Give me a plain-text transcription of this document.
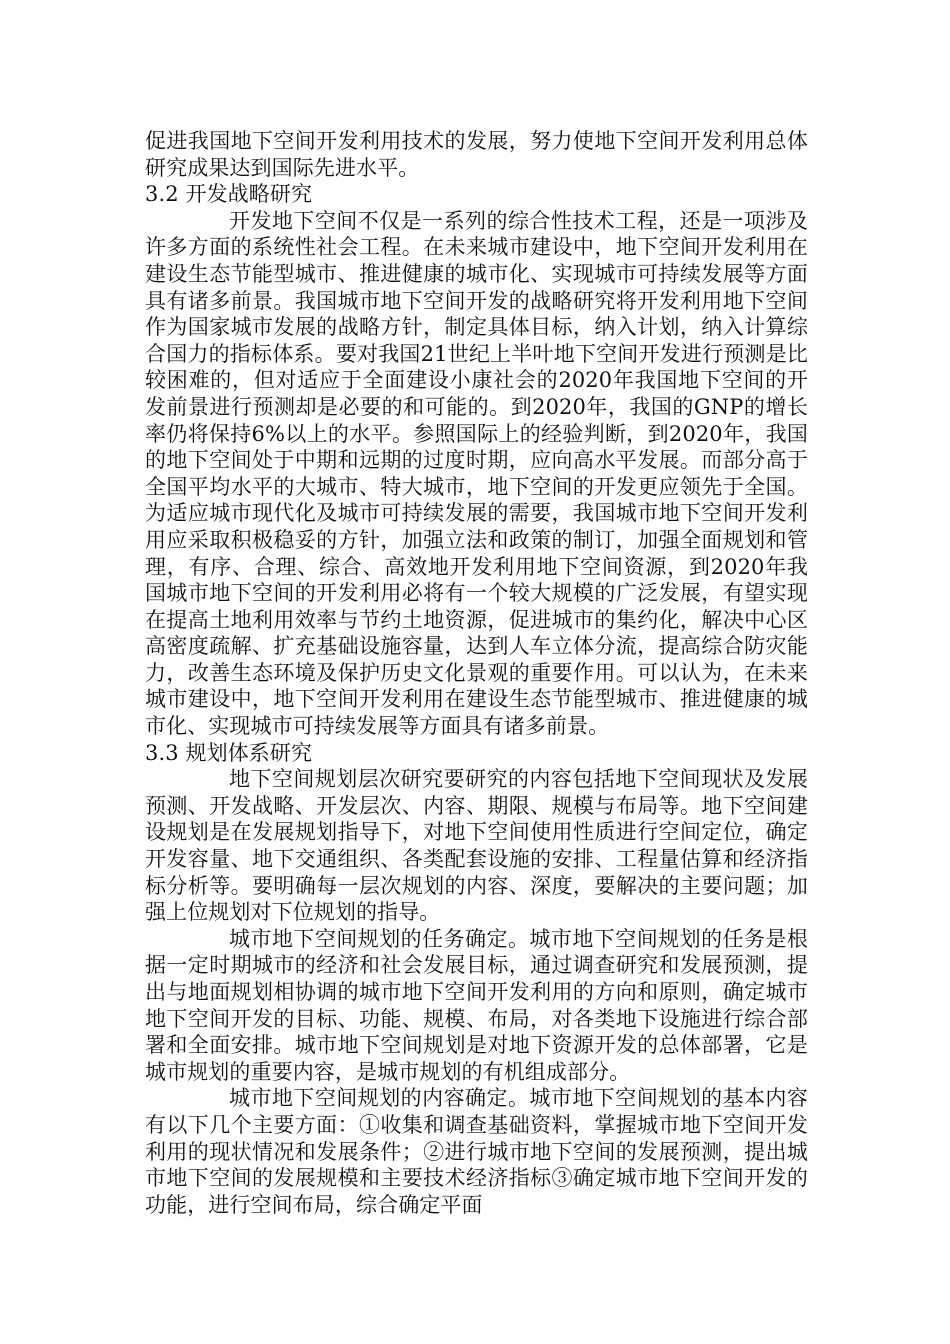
促进我国地下空间开发利用技术的发展，努力使地下空间开发利用总体研究成果达到国际先进水平。

3.2 开发战略研究

开发地下空间不仅是一系列的综合性技术工程，还是一项涉及许多方面的系统性社会工程。在未来城市建设中，地下空间开发利用在建设生态节能型城市、推进健康的城市化、实现城市可持续发展等方面具有诸多前景。我国城市地下空间开发的战略研究将开发利用地下空间作为国家城市发展的战略方针，制定具体目标，纳入计划，纳入计算综合国力的指标体系。要对我国21世纪上半叶地下空间开发进行预测是比较困难的，但对适应于全面建设小康社会的2020年我国地下空间的开发前景进行预测却是必要的和可能的。到2020年，我国的GNP的增长率仍将保持6%以上的水平。参照国际上的经验判断，到2020年，我国的地下空间处于中期和远期的过度时期，应向高水平发展。而部分高于全国平均水平的大城市、特大城市，地下空间的开发更应领先于全国。为适应城市现代化及城市可持续发展的需要，我国城市地下空间开发利用应采取积极稳妥的方针，加强立法和政策的制订，加强全面规划和管理，有序、合理、综合、高效地开发利用地下空间资源，到2020年我国城市地下空间的开发利用必将有一个较大规模的广泛发展，有望实现在提高土地利用效率与节约土地资源，促进城市的集约化，解决中心区高密度疏解、扩充基础设施容量，达到人车立体分流，提高综合防灾能力，改善生态环境及保护历史文化景观的重要作用。可以认为，在未来城市建设中，地下空间开发利用在建设生态节能型城市、推进健康的城市化、实现城市可持续发展等方面具有诸多前景。

3.3 规划体系研究

地下空间规划层次研究要研究的内容包括地下空间现状及发展预测、开发战略、开发层次、内容、期限、规模与布局等。地下空间建设规划是在发展规划指导下，对地下空间使用性质进行空间定位，确定开发容量、地下交通组织、各类配套设施的安排、工程量估算和经济指标分析等。要明确每一层次规划的内容、深度，要解决的主要问题；加强上位规划对下位规划的指导。

城市地下空间规划的任务确定。城市地下空间规划的任务是根据一定时期城市的经济和社会发展目标，通过调查研究和发展预测，提出与地面规划相协调的城市地下空间开发利用的方向和原则，确定城市地下空间开发的目标、功能、规模、布局，对各类地下设施进行综合部署和全面安排。城市地下空间规划是对地下资源开发的总体部署，它是城市规划的重要内容，是城市规划的有机组成部分。

城市地下空间规划的内容确定。城市地下空间规划的基本内容有以下几个主要方面：①收集和调查基础资料，掌握城市地下空间开发利用的现状情况和发展条件；②进行城市地下空间的发展预测，提出城市地下空间的发展规模和主要技术经济指标③确定城市地下空间开发的功能，进行空间布局，综合确定平面
